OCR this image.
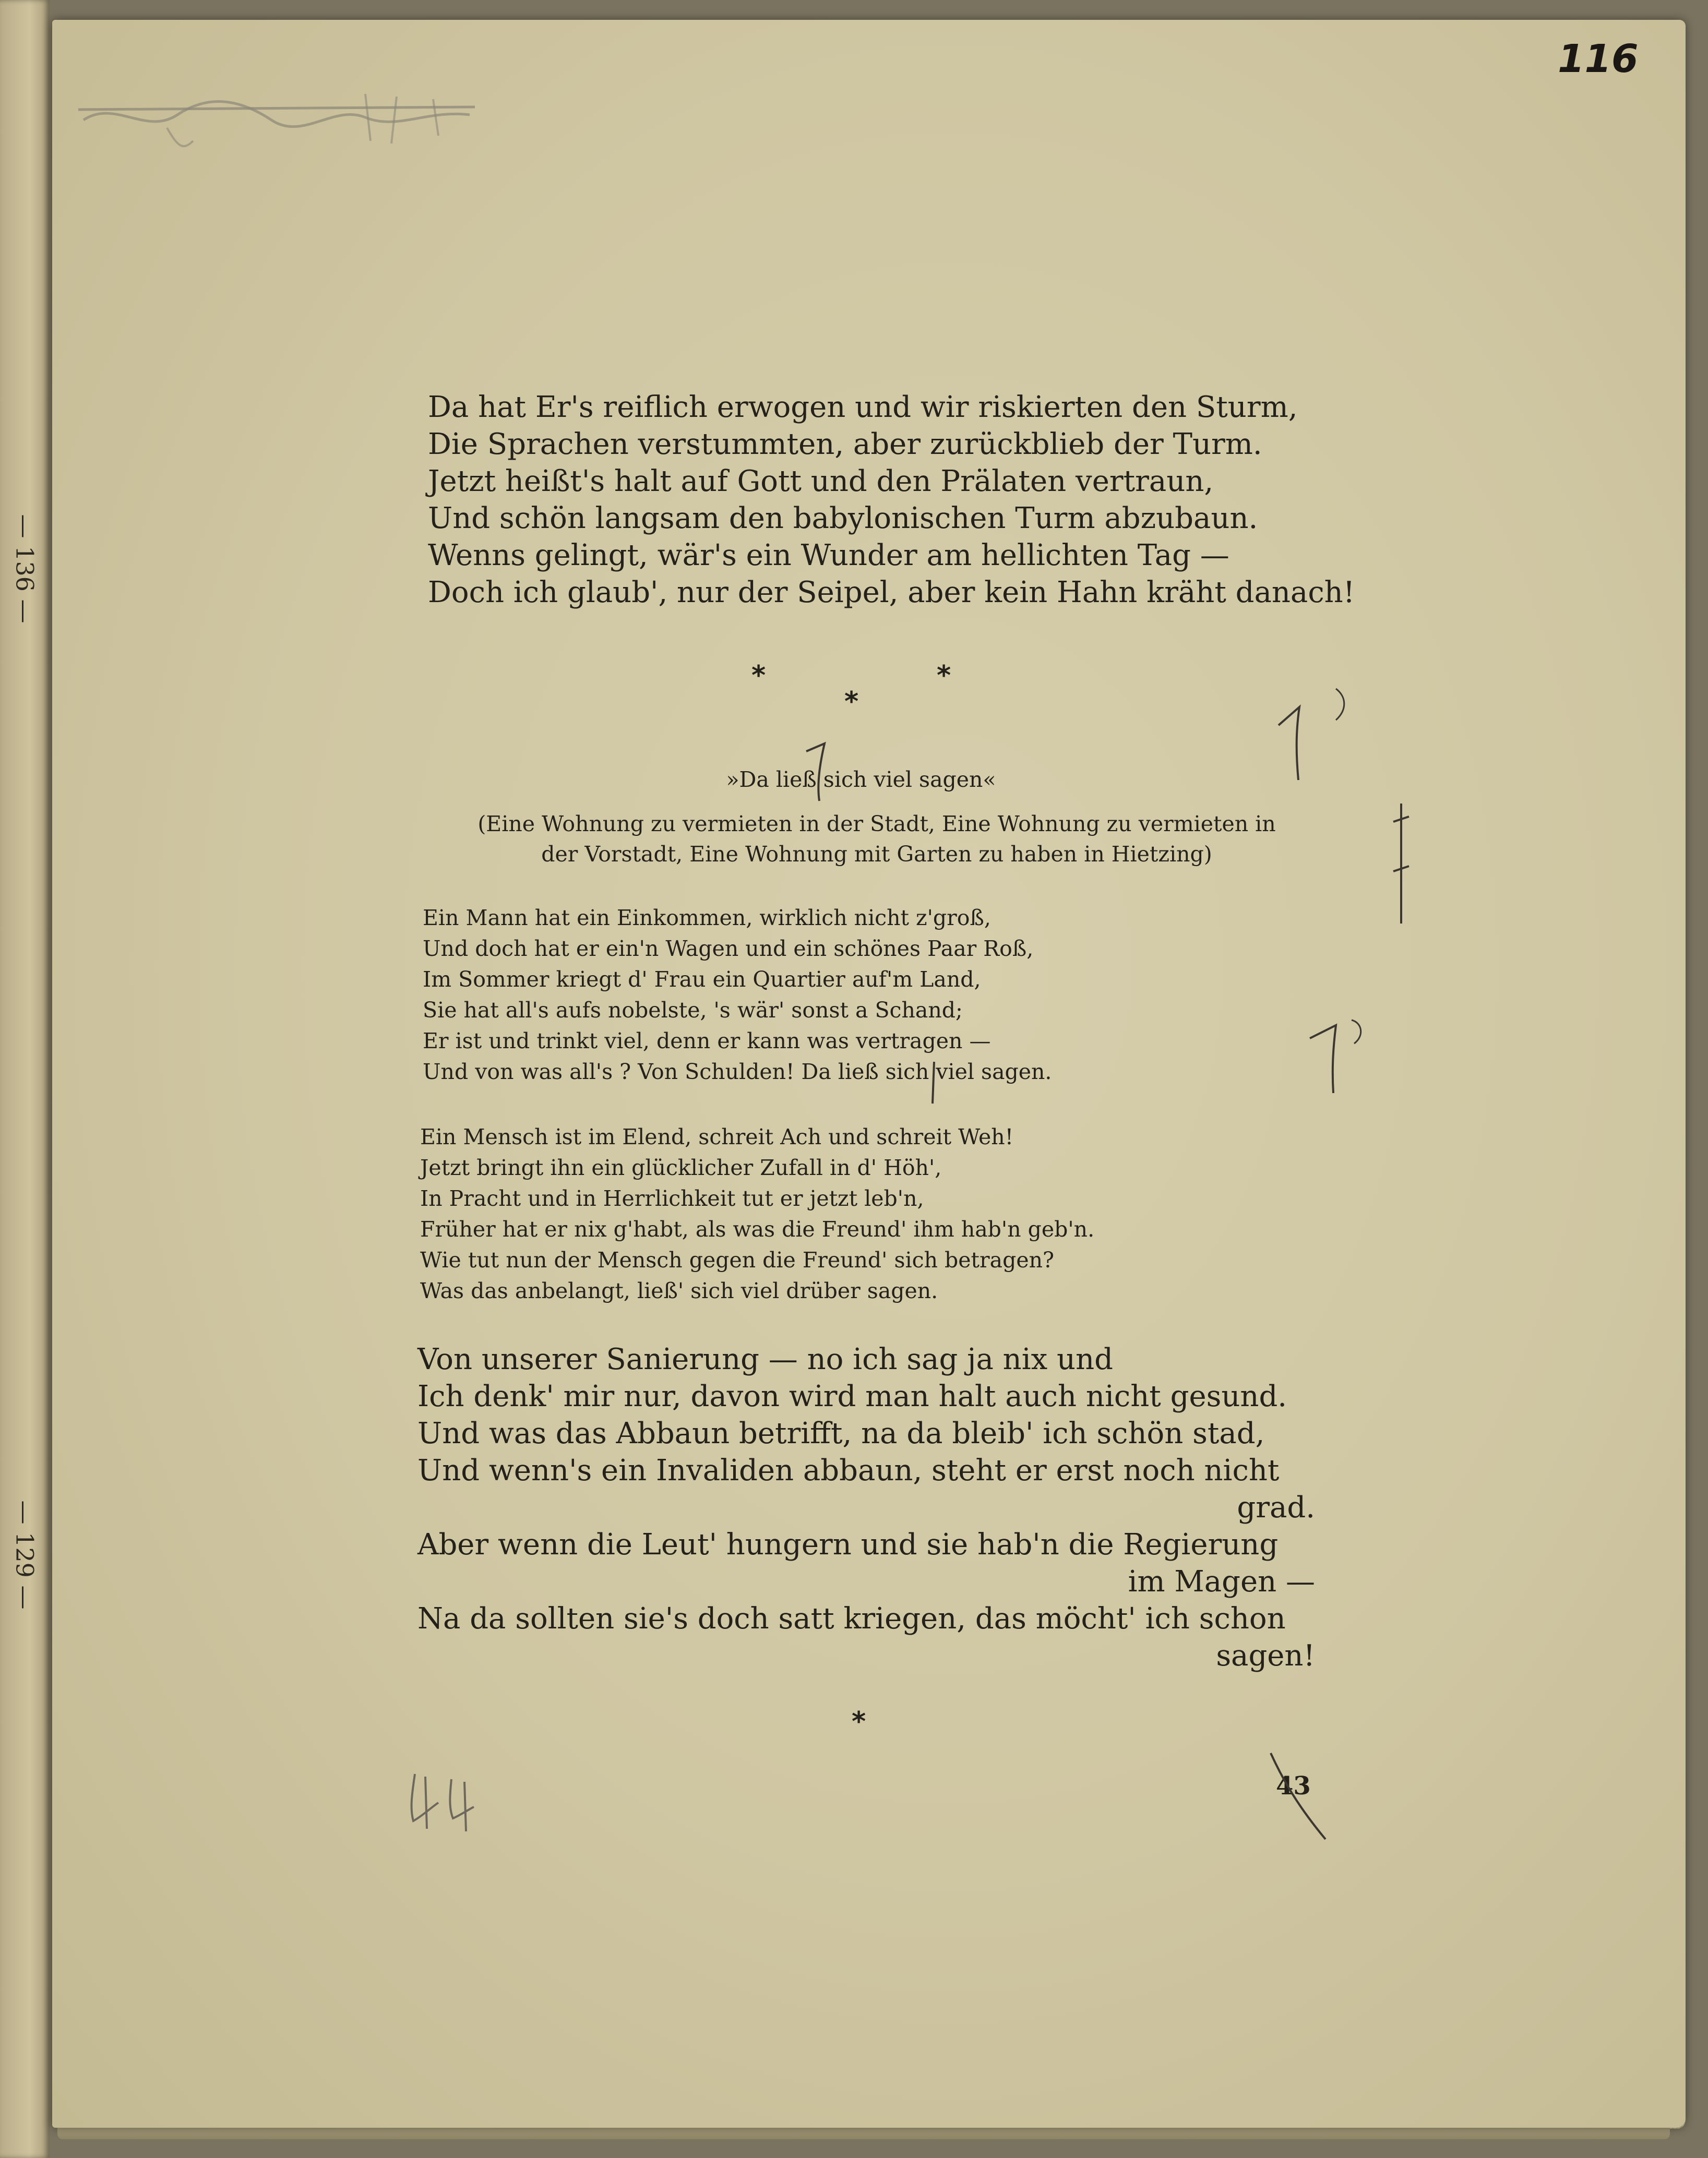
— 136 —
— 129 —
116
Da hat Er's reiflich erwogen und wir riskierten den Sturm,
Die Sprachen verstummten, aber zurückblieb der Turm.
Jetzt heißt's halt auf Gott und den Prälaten vertraun,
Und schön langsam den babylonischen Turm abzubaun.
Wenns gelingt, wär's ein Wunder am hellichten Tag —
Doch ich glaub', nur der Seipel, aber kein Hahn kräht danach!
*	*
*
»Da ließ sich viel sagen«
(Eine Wohnung zu vermieten in der Stadt, Eine Wohnung zu vermieten in
der Vorstadt, Eine Wohnung mit Garten zu haben in Hietzing)
Ein Mann hat ein Einkommen, wirklich nicht z'groß,
Und doch hat er ein'n Wagen und ein schönes Paar Roß,
Im Sommer kriegt d' Frau ein Quartier auf'm Land,
Sie hat all's aufs nobelste, 's wär' sonst a Schand;
Er ist und trinkt viel, denn er kann was vertragen —
Und von was all's ? Von Schulden! Da ließ sich viel sagen.
Ein Mensch ist im Elend, schreit Ach und schreit Weh!
Jetzt bringt ihn ein glücklicher Zufall in d' Höh',
In Pracht und in Herrlichkeit tut er jetzt leb'n,
Früher hat er nix g'habt, als was die Freund' ihm hab'n geb'n.
Wie tut nun der Mensch gegen die Freund' sich betragen?
Was das anbelangt, ließ' sich viel drüber sagen.
Von unserer Sanierung — no ich sag ja nix und
Ich denk' mir nur, davon wird man halt auch nicht gesund.
Und was das Abbaun betrifft, na da bleib' ich schön stad,
Und wenn's ein Invaliden abbaun, steht er erst noch nicht
grad.
Aber wenn die Leut' hungern und sie hab'n die Regierung
im Magen —
Na da sollten sie's doch satt kriegen, das möcht' ich schon
sagen!
*
43
